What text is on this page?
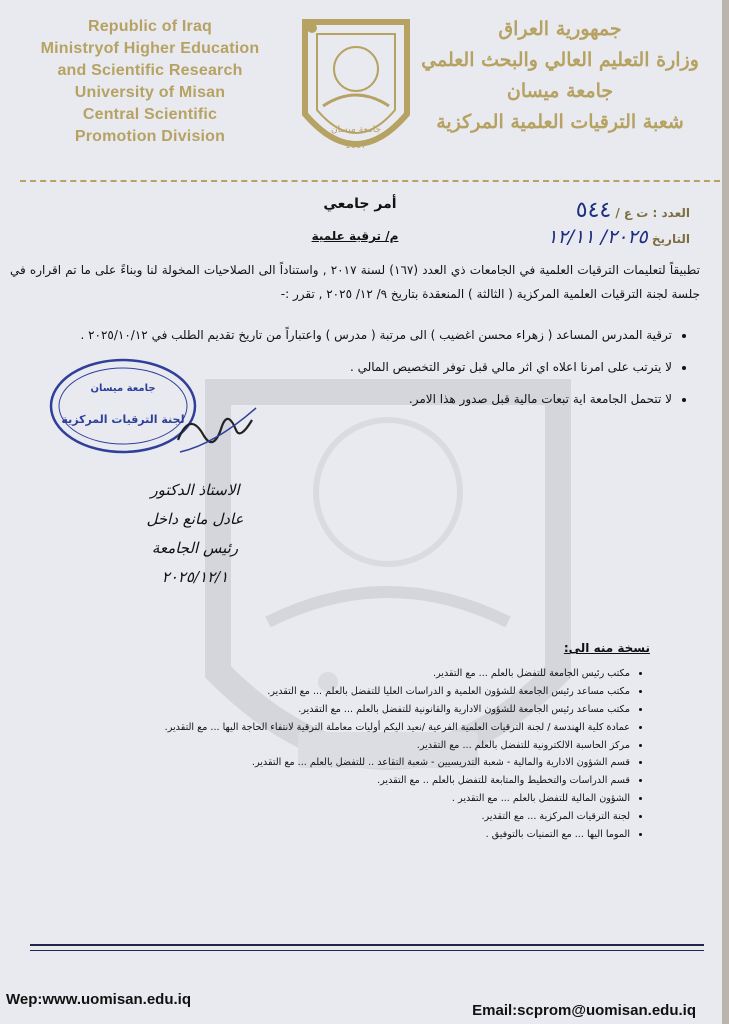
Republic of Iraq
Ministryof Higher Education
and Scientific Research
University of Misan
Central Scientific
Promotion Division
جمهورية العراق
وزارة التعليم العالي والبحث العلمي
جامعة ميسان
شعبة الترقيات العلمية المركزية
جامعة ميسان
2007
العدد : ت ع / ٥٤٤
التاريخ ٢٠٢٥/ ١٢/١١
أمر جامعي
م/ ترقية علمية
تطبيقاً لتعليمات الترقيات العلمية في الجامعات ذي العدد (١٦٧) لسنة ٢٠١٧ , واستناداً الى الصلاحيات المخولة لنا وبناءً على ما تم اقراره في جلسة لجنة الترقيات العلمية المركزية ( الثالثة ) المنعقدة بتاريخ ٩/ ١٢/ ٢٠٢٥ , تقرر :-
• ترقية المدرس المساعد ( زهراء محسن اغضيب ) الى مرتبة ( مدرس ) واعتباراً من تاريخ تقديم الطلب في ٢٠٢٥/١٠/١٢ .
• لا يترتب على امرنا اعلاه اي اثر مالي قبل توفر التخصيص المالي .
• لا تتحمل الجامعة اية تبعات مالية قبل صدور هذا الامر.
جامعة ميسان
لجنة الترقيات المركزية
الاستاذ الدكتور
عادل مانع داخل
رئيس الجامعة
٢٠٢٥/١٢/١
نسخة منه الى:
• مكتب رئيس الجامعة للتفضل بالعلم ... مع التقدير.
• مكتب مساعد رئيس الجامعة للشؤون العلمية و الدراسات العليا للتفضل بالعلم ... مع التقدير.
• مكتب مساعد رئيس الجامعة للشؤون الادارية والقانونية للتفضل بالعلم ... مع التقدير.
• عمادة كلية الهندسة / لجنة الترقيات العلمية الفرعية /نعيد اليكم أوليات معاملة الترقية لانتفاء الحاجة اليها ... مع التقدير.
• مركز الحاسبة الالكترونية للتفضل بالعلم ... مع التقدير.
• قسم الشؤون الادارية والمالية - شعبة التدريسيين - شعبة التقاعد .. للتفضل بالعلم ... مع التقدير.
• قسم الدراسات والتخطيط والمتابعة للتفضل بالعلم .. مع التقدير.
• الشؤون المالية للتفضل بالعلم ... مع التقدير .
• لجنة الترقيات المركزية ... مع التقدير.
• الموما اليها ... مع التمنيات بالتوفيق .
Wep:www.uomisan.edu.iq
Email:scprom@uomisan.edu.iq
